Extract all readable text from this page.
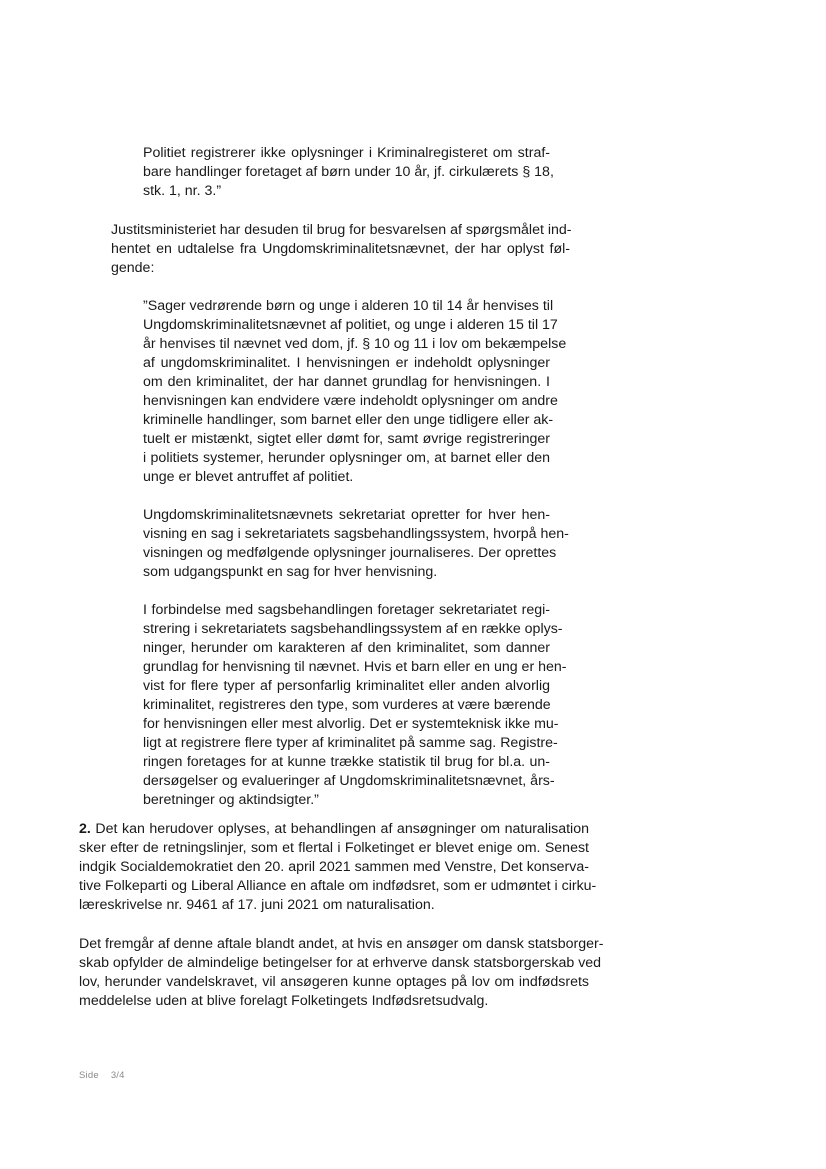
Politiet registrerer ikke oplysninger i Kriminalregisteret om straf-
bare handlinger foretaget af børn under 10 år, jf. cirkulærets § 18,
stk. 1, nr. 3.”
Justitsministeriet har desuden til brug for besvarelsen af spørgsmålet ind-
hentet en udtalelse fra Ungdomskriminalitetsnævnet, der har oplyst føl-
gende:
”Sager vedrørende børn og unge i alderen 10 til 14 år henvises til
Ungdomskriminalitetsnævnet af politiet, og unge i alderen 15 til 17
år henvises til nævnet ved dom, jf. § 10 og 11 i lov om bekæmpelse
af ungdomskriminalitet. I henvisningen er indeholdt oplysninger
om den kriminalitet, der har dannet grundlag for henvisningen. I
henvisningen kan endvidere være indeholdt oplysninger om andre
kriminelle handlinger, som barnet eller den unge tidligere eller ak-
tuelt er mistænkt, sigtet eller dømt for, samt øvrige registreringer
i politiets systemer, herunder oplysninger om, at barnet eller den
unge er blevet antruffet af politiet.
Ungdomskriminalitetsnævnets sekretariat opretter for hver hen-
visning en sag i sekretariatets sagsbehandlingssystem, hvorpå hen-
visningen og medfølgende oplysninger journaliseres. Der oprettes
som udgangspunkt en sag for hver henvisning.
I forbindelse med sagsbehandlingen foretager sekretariatet regi-
strering i sekretariatets sagsbehandlingssystem af en række oplys-
ninger, herunder om karakteren af den kriminalitet, som danner
grundlag for henvisning til nævnet. Hvis et barn eller en ung er hen-
vist for flere typer af personfarlig kriminalitet eller anden alvorlig
kriminalitet, registreres den type, som vurderes at være bærende
for henvisningen eller mest alvorlig. Det er systemteknisk ikke mu-
ligt at registrere flere typer af kriminalitet på samme sag. Registre-
ringen foretages for at kunne trække statistik til brug for bl.a. un-
dersøgelser og evalueringer af Ungdomskriminalitetsnævnet, års-
beretninger og aktindsigter.”
2. Det kan herudover oplyses, at behandlingen af ansøgninger om naturalisation
sker efter de retningslinjer, som et flertal i Folketinget er blevet enige om. Senest
indgik Socialdemokratiet den 20. april 2021 sammen med Venstre, Det konserva-
tive Folkeparti og Liberal Alliance en aftale om indfødsret, som er udmøntet i cirku-
læreskrivelse nr. 9461 af 17. juni 2021 om naturalisation.
Det fremgår af denne aftale blandt andet, at hvis en ansøger om dansk statsborger-
skab opfylder de almindelige betingelser for at erhverve dansk statsborgerskab ved
lov, herunder vandelskravet, vil ansøgeren kunne optages på lov om indfødsrets
meddelelse uden at blive forelagt Folketingets Indfødsretsudvalg.
Side 3/4
